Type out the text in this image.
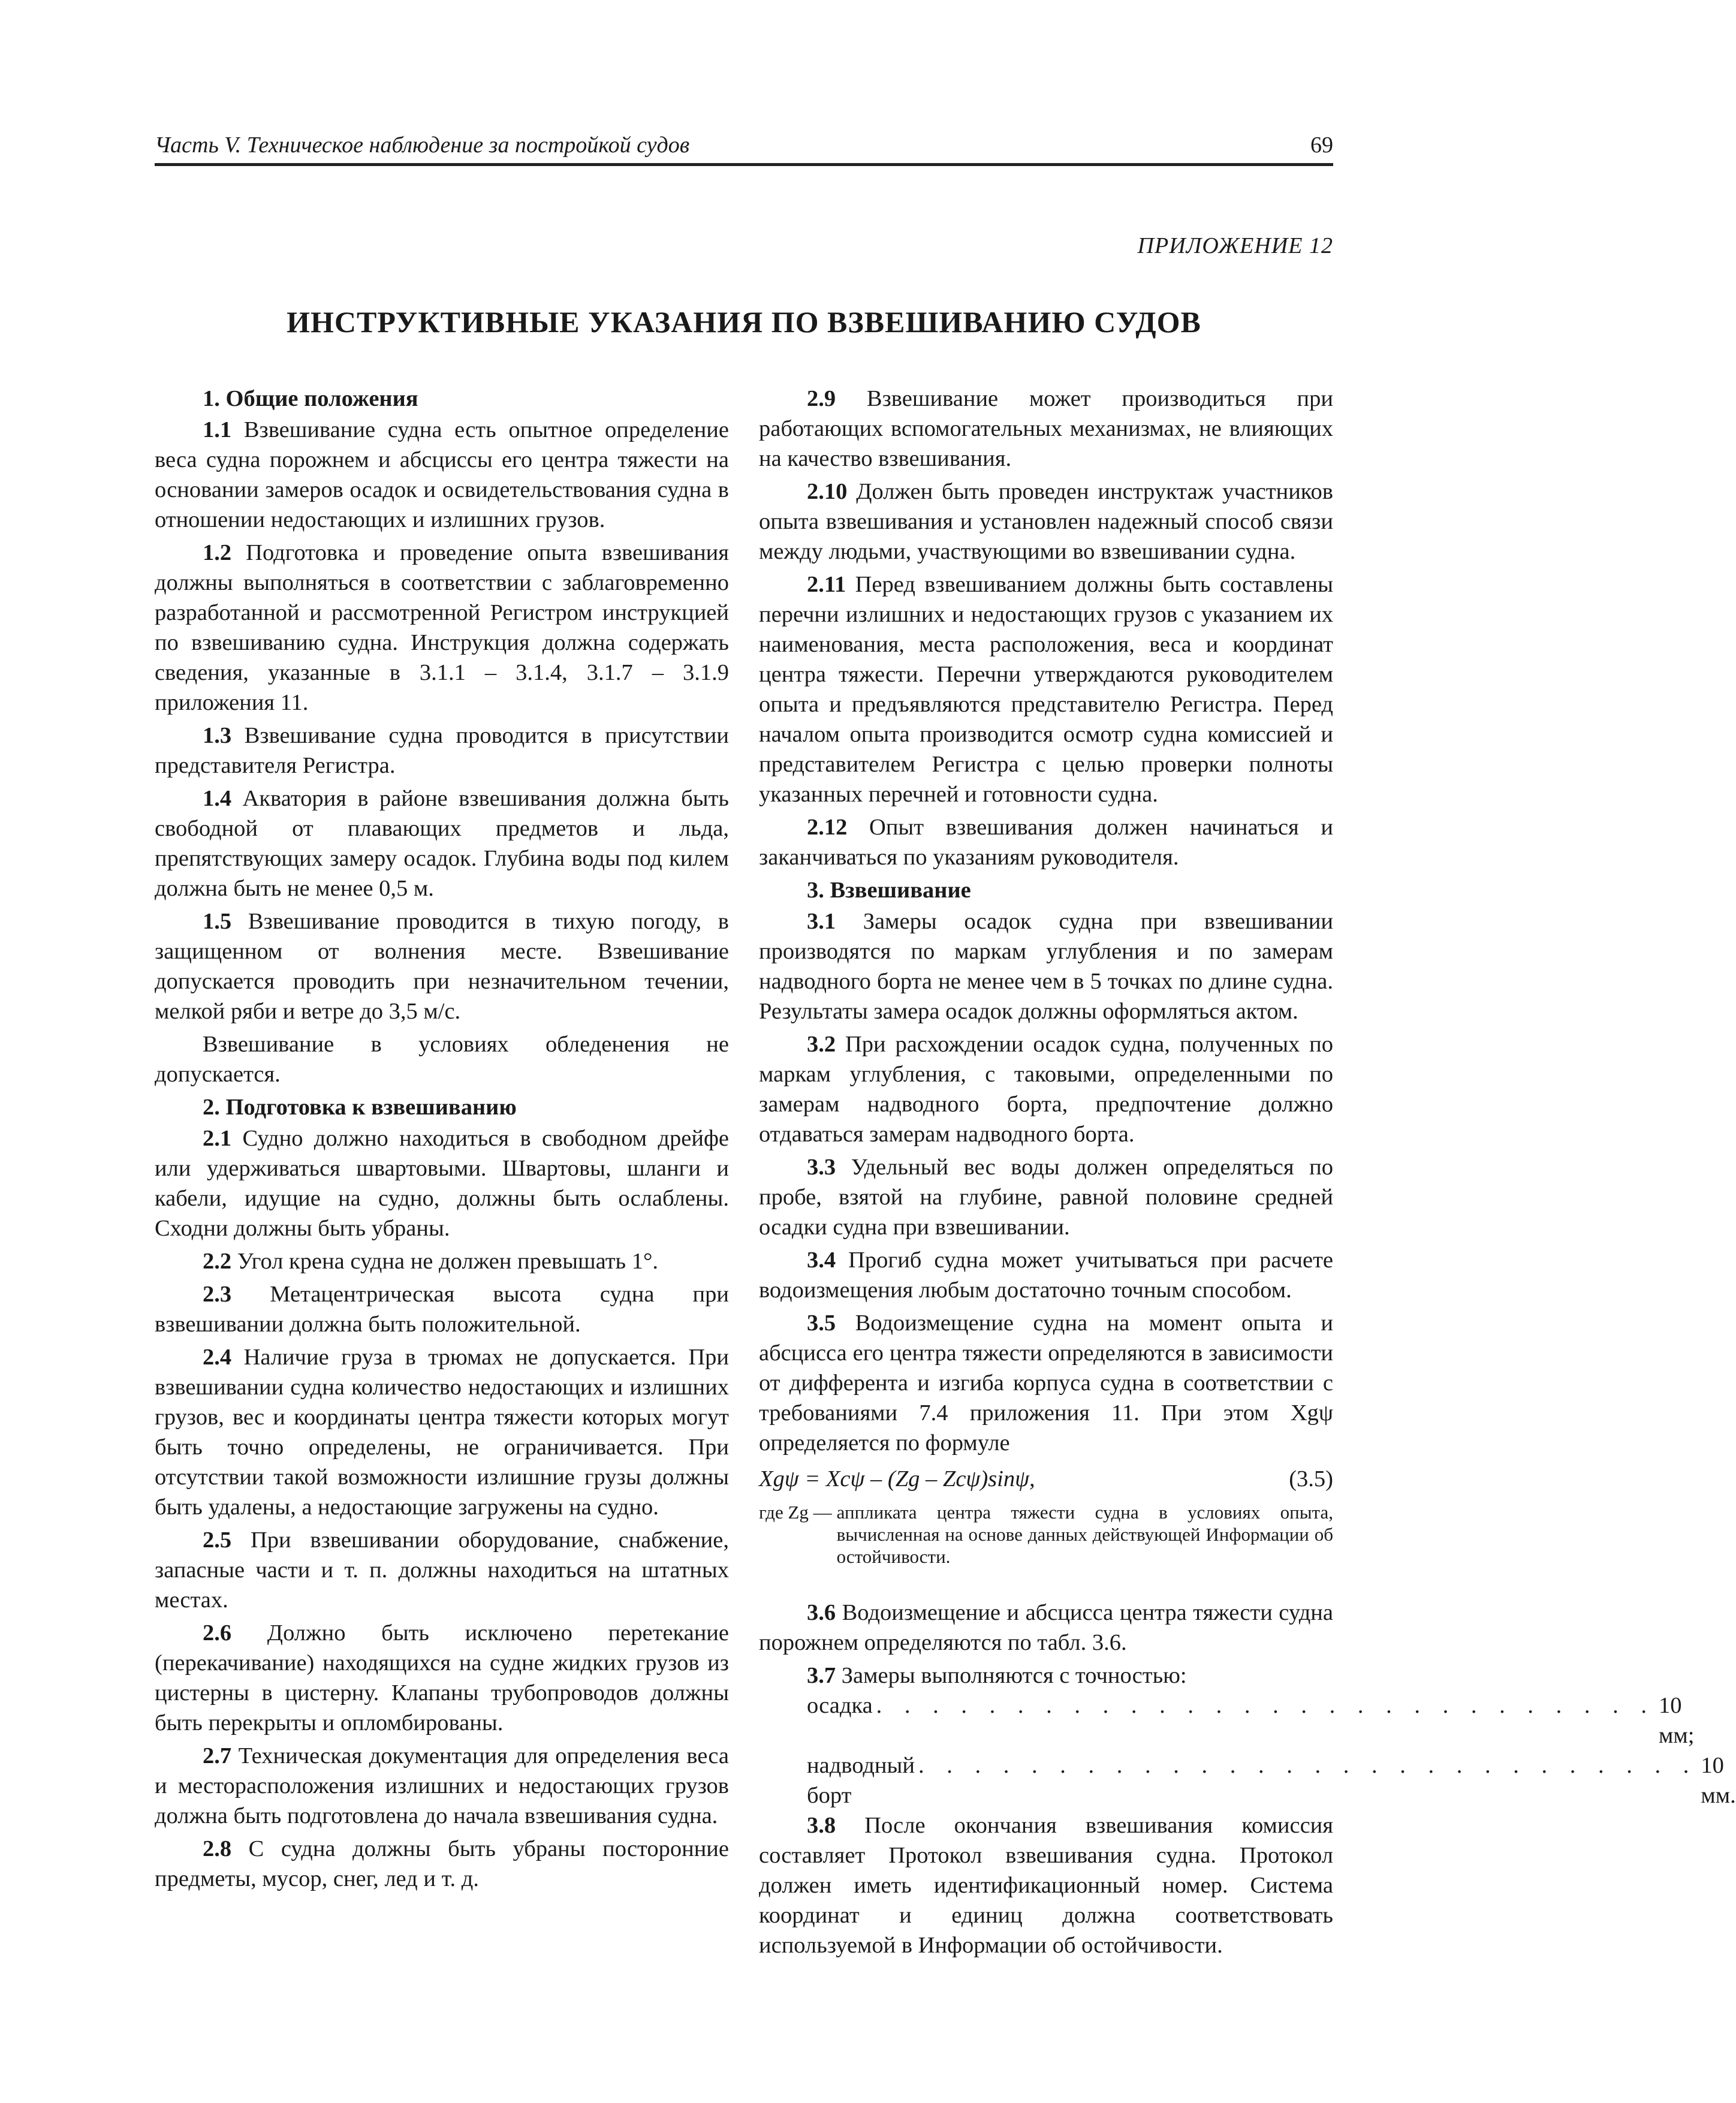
Часть V. Техническое наблюдение за постройкой судов	69
ПРИЛОЖЕНИЕ 12
ИНСТРУКТИВНЫЕ УКАЗАНИЯ ПО ВЗВЕШИВАНИЮ СУДОВ
1. Общие положения

1.1 Взвешивание судна есть опытное определение веса судна порожнем и абсциссы его центра тяжести на основании замеров осадок и освидетельствования судна в отношении недостающих и излишних грузов.

1.2 Подготовка и проведение опыта взвешивания должны выполняться в соответствии с заблаговременно разработанной и рассмотренной Регистром инструкцией по взвешиванию судна. Инструкция должна содержать сведения, указанные в 3.1.1 – 3.1.4, 3.1.7 – 3.1.9 приложения 11.

1.3 Взвешивание судна проводится в присутствии представителя Регистра.

1.4 Акватория в районе взвешивания должна быть свободной от плавающих предметов и льда, препятствующих замеру осадок. Глубина воды под килем должна быть не менее 0,5 м.

1.5 Взвешивание проводится в тихую погоду, в защищенном от волнения месте. Взвешивание допускается проводить при незначительном течении, мелкой ряби и ветре до 3,5 м/с.

Взвешивание в условиях обледенения не допускается.

2. Подготовка к взвешиванию

2.1 Судно должно находиться в свободном дрейфе или удерживаться швартовыми. Швартовы, шланги и кабели, идущие на судно, должны быть ослаблены. Сходни должны быть убраны.

2.2 Угол крена судна не должен превышать 1°.

2.3 Метацентрическая высота судна при взвешивании должна быть положительной.

2.4 Наличие груза в трюмах не допускается. При взвешивании судна количество недостающих и излишних грузов, вес и координаты центра тяжести которых могут быть точно определены, не ограничивается. При отсутствии такой возможности излишние грузы должны быть удалены, а недостающие загружены на судно.

2.5 При взвешивании оборудование, снабжение, запасные части и т. п. должны находиться на штатных местах.

2.6 Должно быть исключено перетекание (перекачивание) находящихся на судне жидких грузов из цистерны в цистерну. Клапаны трубопроводов должны быть перекрыты и опломбированы.

2.7 Техническая документация для определения веса и месторасположения излишних и недостающих грузов должна быть подготовлена до начала взвешивания судна.

2.8 С судна должны быть убраны посторонние предметы, мусор, снег, лед и т. д.

2.9 Взвешивание может производиться при работающих вспомогательных механизмах, не влияющих на качество взвешивания.

2.10 Должен быть проведен инструктаж участников опыта взвешивания и установлен надежный способ связи между людьми, участвующими во взвешивании судна.

2.11 Перед взвешиванием должны быть составлены перечни излишних и недостающих грузов с указанием их наименования, места расположения, веса и координат центра тяжести. Перечни утверждаются руководителем опыта и предъявляются представителю Регистра. Перед началом опыта производится осмотр судна комиссией и представителем Регистра с целью проверки полноты указанных перечней и готовности судна.

2.12 Опыт взвешивания должен начинаться и заканчиваться по указаниям руководителя.

3. Взвешивание

3.1 Замеры осадок судна при взвешивании производятся по маркам углубления и по замерам надводного борта не менее чем в 5 точках по длине судна. Результаты замера осадок должны оформляться актом.

3.2 При расхождении осадок судна, полученных по маркам углубления, с таковыми, определенными по замерам надводного борта, предпочтение должно отдаваться замерам надводного борта.

3.3 Удельный вес воды должен определяться по пробе, взятой на глубине, равной половине средней осадки судна при взвешивании.

3.4 Прогиб судна может учитываться при расчете водоизмещения любым достаточно точным способом.

3.5 Водоизмещение судна на момент опыта и абсцисса его центра тяжести определяются в зависимости от дифферента и изгиба корпуса судна в соответствии с требованиями 7.4 приложения 11. При этом Xgψ определяется по формуле

Xgψ = Xcψ – (Zg – Zcψ)sinψ,	(3.5)
где Zg — аппликата центра тяжести судна в условиях опыта, вычисленная на основе данных действующей Информации об остойчивости.

3.6 Водоизмещение и абсцисса центра тяжести судна порожнем определяются по табл. 3.6.

3.7 Замеры выполняются с точностью:

осадка . . . . . . . . . . . . . . . . . . . . . . . . . . . . 10 мм;
надводный борт
. . . . . . . . . . . . . . . . . . . . . . . . . . . . 10 мм.

3.8 После окончания взвешивания комиссия составляет Протокол взвешивания судна. Протокол должен иметь идентификационный номер. Система координат и единиц должна соответствовать используемой в Информации об остойчивости.
